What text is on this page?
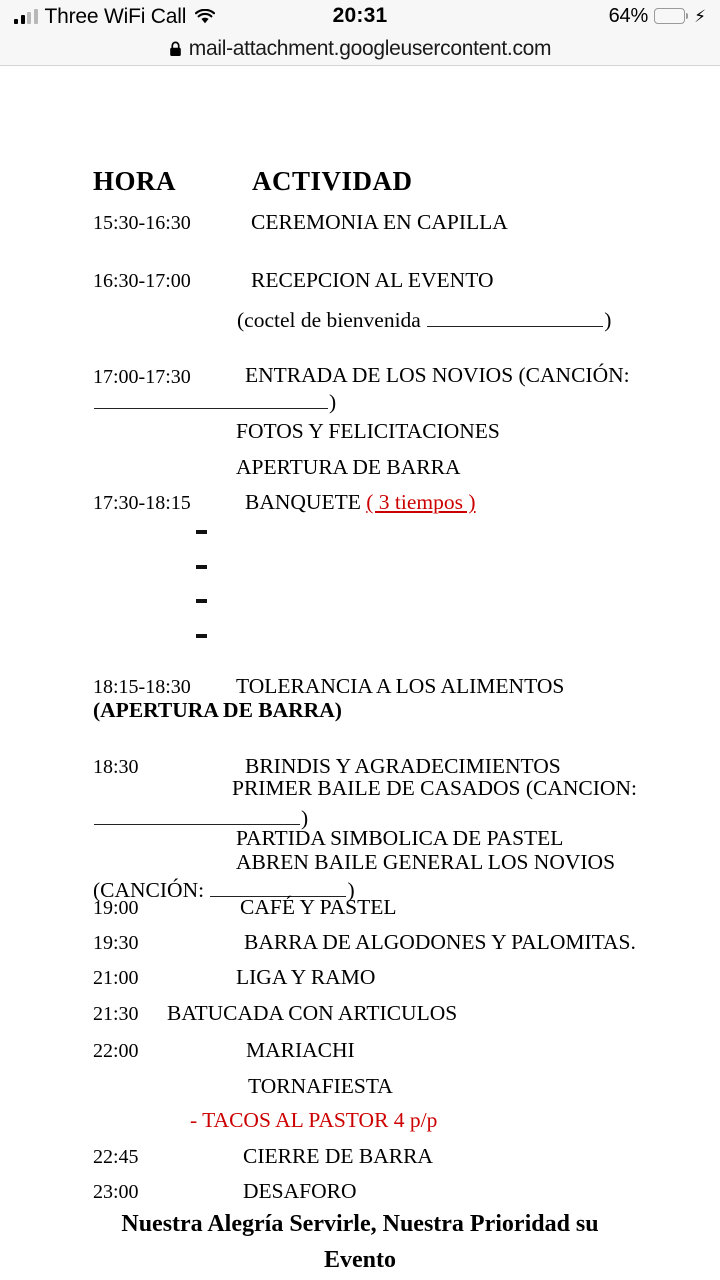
Three WiFi Call	20:31	64%	⚡
mail-attachment.googleusercontent.com
HORA	ACTIVIDAD
15:30-16:30	CEREMONIA EN CAPILLA
16:30-17:00	RECEPCION AL EVENTO
(coctel de bienvenida	)
17:00-17:30	ENTRADA DE LOS NOVIOS (CANCIÓN:
)
FOTOS Y FELICITACIONES
APERTURA DE BARRA
17:30-18:15	BANQUETE ( 3 tiempos )
18:15-18:30 TOLERANCIA A LOS ALIMENTOS
(APERTURA DE BARRA)
18:30	BRINDIS Y AGRADECIMIENTOS
PRIMER BAILE DE CASADOS (CANCION:
)
PARTIDA SIMBOLICA DE PASTEL
ABREN BAILE GENERAL LOS NOVIOS
(CANCIÓN:	)
19:00	CAFÉ Y PASTEL
19:30	BARRA DE ALGODONES Y PALOMITAS.
21:00	LIGA Y RAMO
21:30 BATUCADA CON ARTICULOS
22:00	MARIACHI
TORNAFIESTA
- TACOS AL PASTOR 4 p/p
22:45	CIERRE DE BARRA
23:00	DESAFORO
Nuestra Alegría Servirle, Nuestra Prioridad su
Evento
